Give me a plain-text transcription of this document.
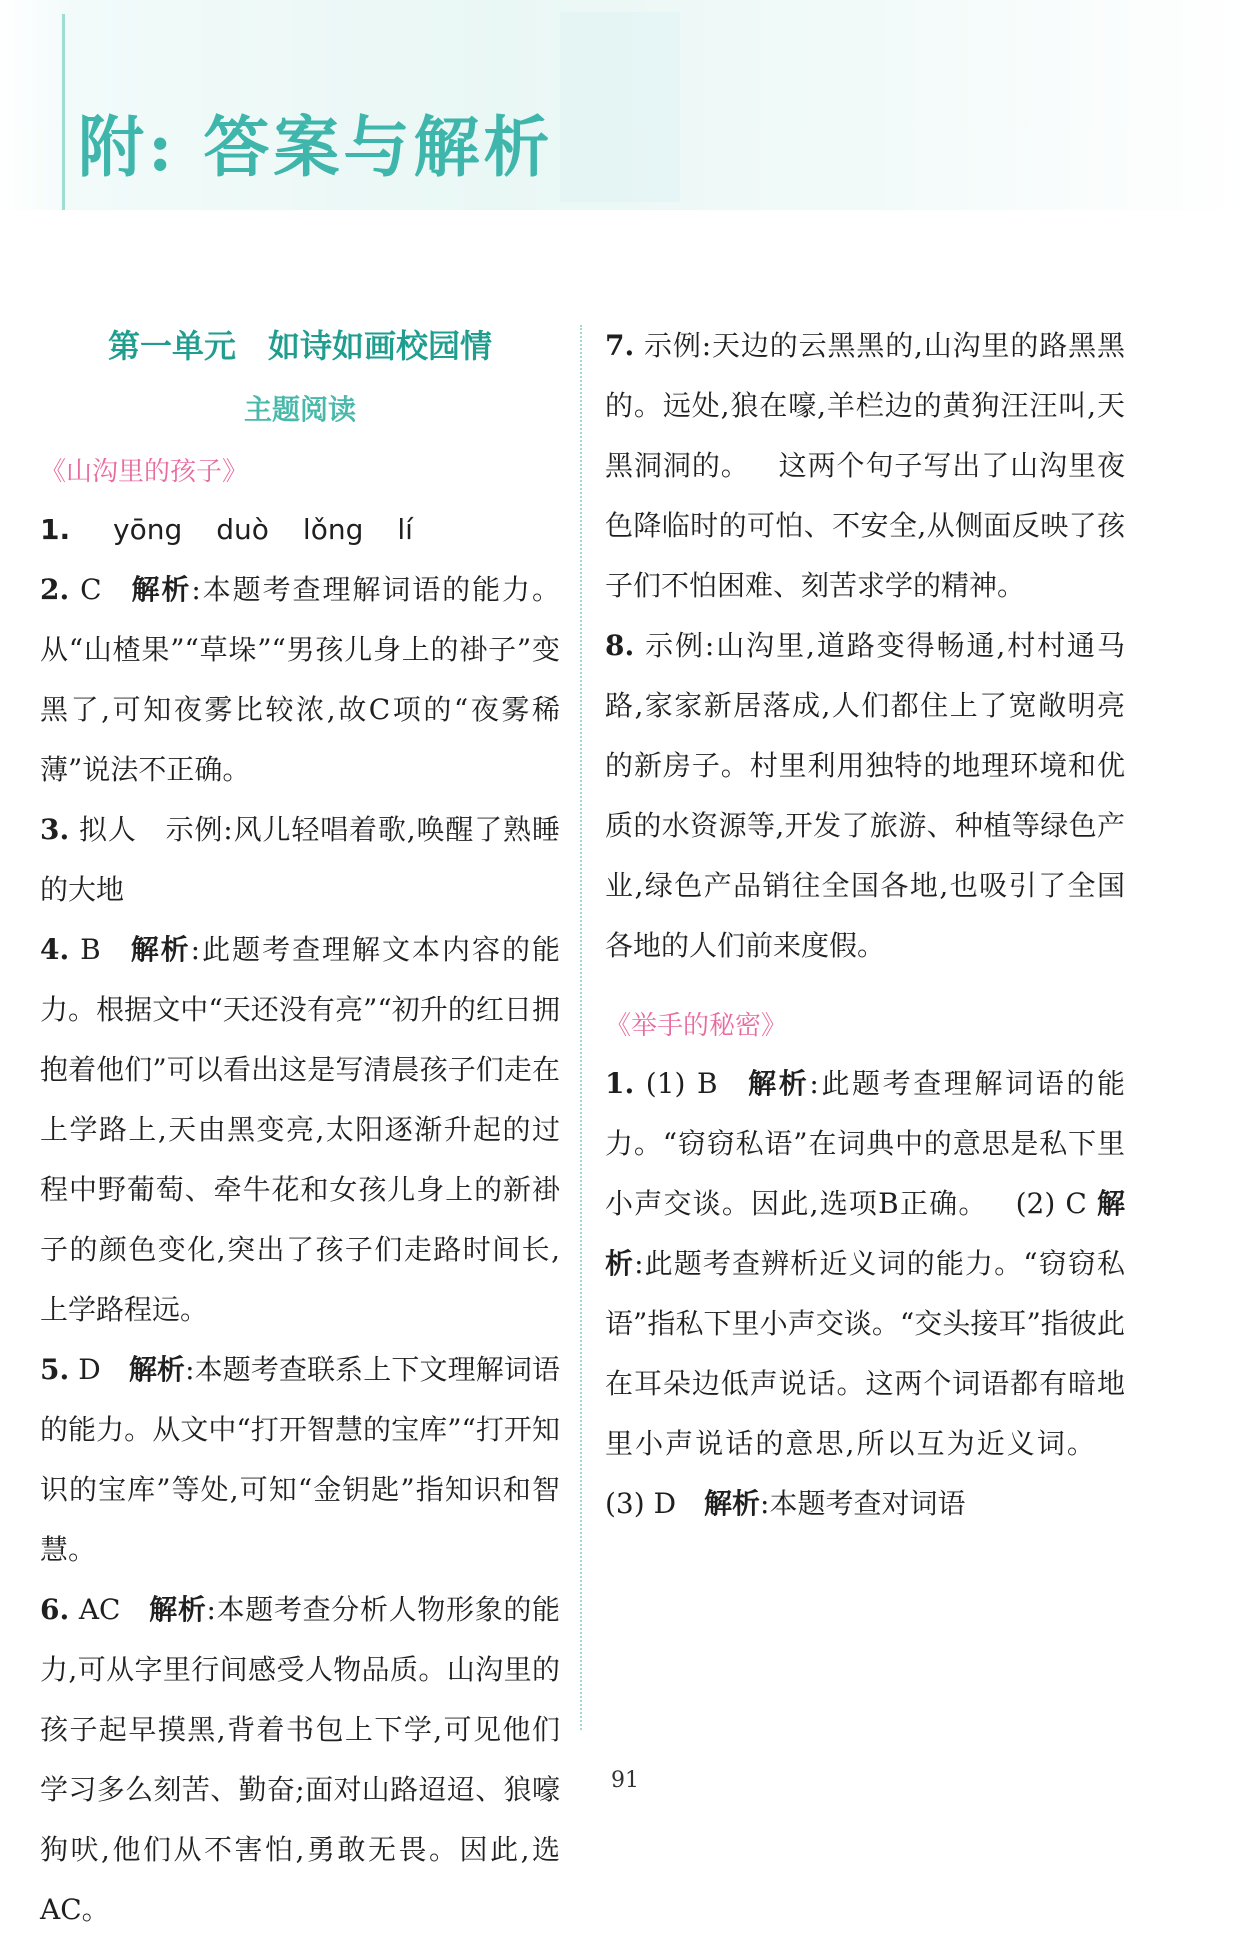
附: 答案与解析

第一单元 如诗如画校园情

主题阅读

《山沟里的孩子》

1. yōng duò lǒng lí

2. C 解析:本题考查理解词语的能力。从“山楂果”“草垛”“男孩儿身上的褂子”变黑了,可知夜雾比较浓,故C项的“夜雾稀薄”说法不正确。

3. 拟人　示例:风儿轻唱着歌,唤醒了熟睡的大地

4. B 解析:此题考查理解文本内容的能力。根据文中“天还没有亮”“初升的红日拥抱着他们”可以看出这是写清晨孩子们走在上学路上,天由黑变亮,太阳逐渐升起的过程中野葡萄、牵牛花和女孩儿身上的新褂子的颜色变化,突出了孩子们走路时间长,上学路程远。

5. D 解析:本题考查联系上下文理解词语的能力。从文中“打开智慧的宝库”“打开知识的宝库”等处,可知“金钥匙”指知识和智慧。

6. AC 解析:本题考查分析人物形象的能力,可从字里行间感受人物品质。山沟里的孩子起早摸黑,背着书包上下学,可见他们学习多么刻苦、勤奋;面对山路迢迢、狼嚎狗吠,他们从不害怕,勇敢无畏。因此,选AC。

7. 示例:天边的云黑黑的,山沟里的路黑黑的。远处,狼在嚎,羊栏边的黄狗汪汪叫,天黑洞洞的。 这两个句子写出了山沟里夜色降临时的可怕、不安全,从侧面反映了孩子们不怕困难、刻苦求学的精神。

8. 示例:山沟里,道路变得畅通,村村通马路,家家新居落成,人们都住上了宽敞明亮的新房子。村里利用独特的地理环境和优质的水资源等,开发了旅游、种植等绿色产业,绿色产品销往全国各地,也吸引了全国各地的人们前来度假。

《举手的秘密》

1. (1) B 解析:此题考查理解词语的能力。“窃窃私语”在词典中的意思是私下里小声交谈。因此,选项B正确。 (2) C 解析:此题考查辨析近义词的能力。“窃窃私语”指私下里小声交谈。“交头接耳”指彼此在耳朵边低声说话。这两个词语都有暗地里小声说话的意思,所以互为近义词。(3) D 解析:本题考查对词语

91
